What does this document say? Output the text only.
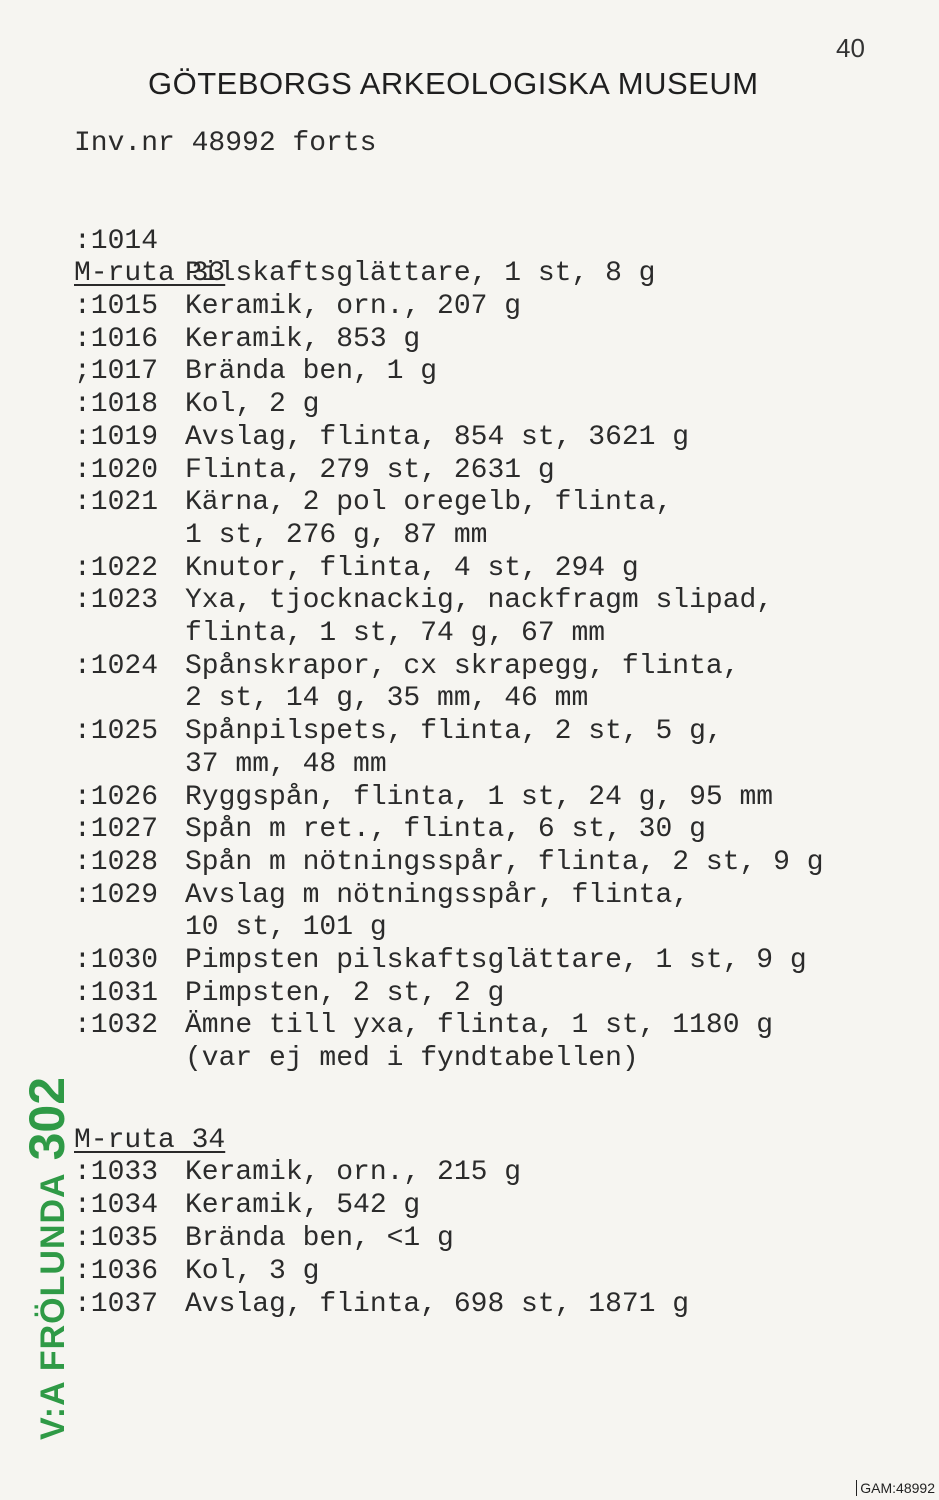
40
GÖTEBORGS ARKEOLOGISKA MUSEUM
Inv.nr 48992 forts

:1014

Pilskaftsglättare, 1 st, 8 g

M-ruta 33
:1015 Keramik, orn., 207 g
:1016 Keramik, 853 g
;1017 Brända ben, 1 g
:1018 Kol, 2 g
:1019 Avslag, flinta, 854 st, 3621 g
:1020 Flinta, 279 st, 2631 g
:1021 Kärna, 2 pol oregelb, flinta,
1 st, 276 g, 87 mm
:1022 Knutor, flinta, 4 st, 294 g
:1023 Yxa, tjocknackig, nackfragm slipad,
flinta, 1 st, 74 g, 67 mm
:1024 Spånskrapor, cx skrapegg, flinta,
2 st, 14 g, 35 mm, 46 mm
:1025 Spånpilspets, flinta, 2 st, 5 g,
37 mm, 48 mm
:1026 Ryggspån, flinta, 1 st, 24 g, 95 mm
:1027 Spån m ret., flinta, 6 st, 30 g
:1028 Spån m nötningsspår, flinta, 2 st, 9 g
:1029 Avslag m nötningsspår, flinta,
10 st, 101 g
:1030 Pimpsten pilskaftsglättare, 1 st, 9 g
:1031 Pimpsten, 2 st, 2 g
:1032 Ämne till yxa, flinta, 1 st, 1180 g
(var ej med i fyndtabellen)
M-ruta 34
:1033 Keramik, orn., 215 g
:1034 Keramik, 542 g
:1035 Brända ben, <1 g
:1036 Kol, 3 g
:1037 Avslag, flinta, 698 st, 1871 g
V:A FRÖLUNDA
302
GAM:48992
